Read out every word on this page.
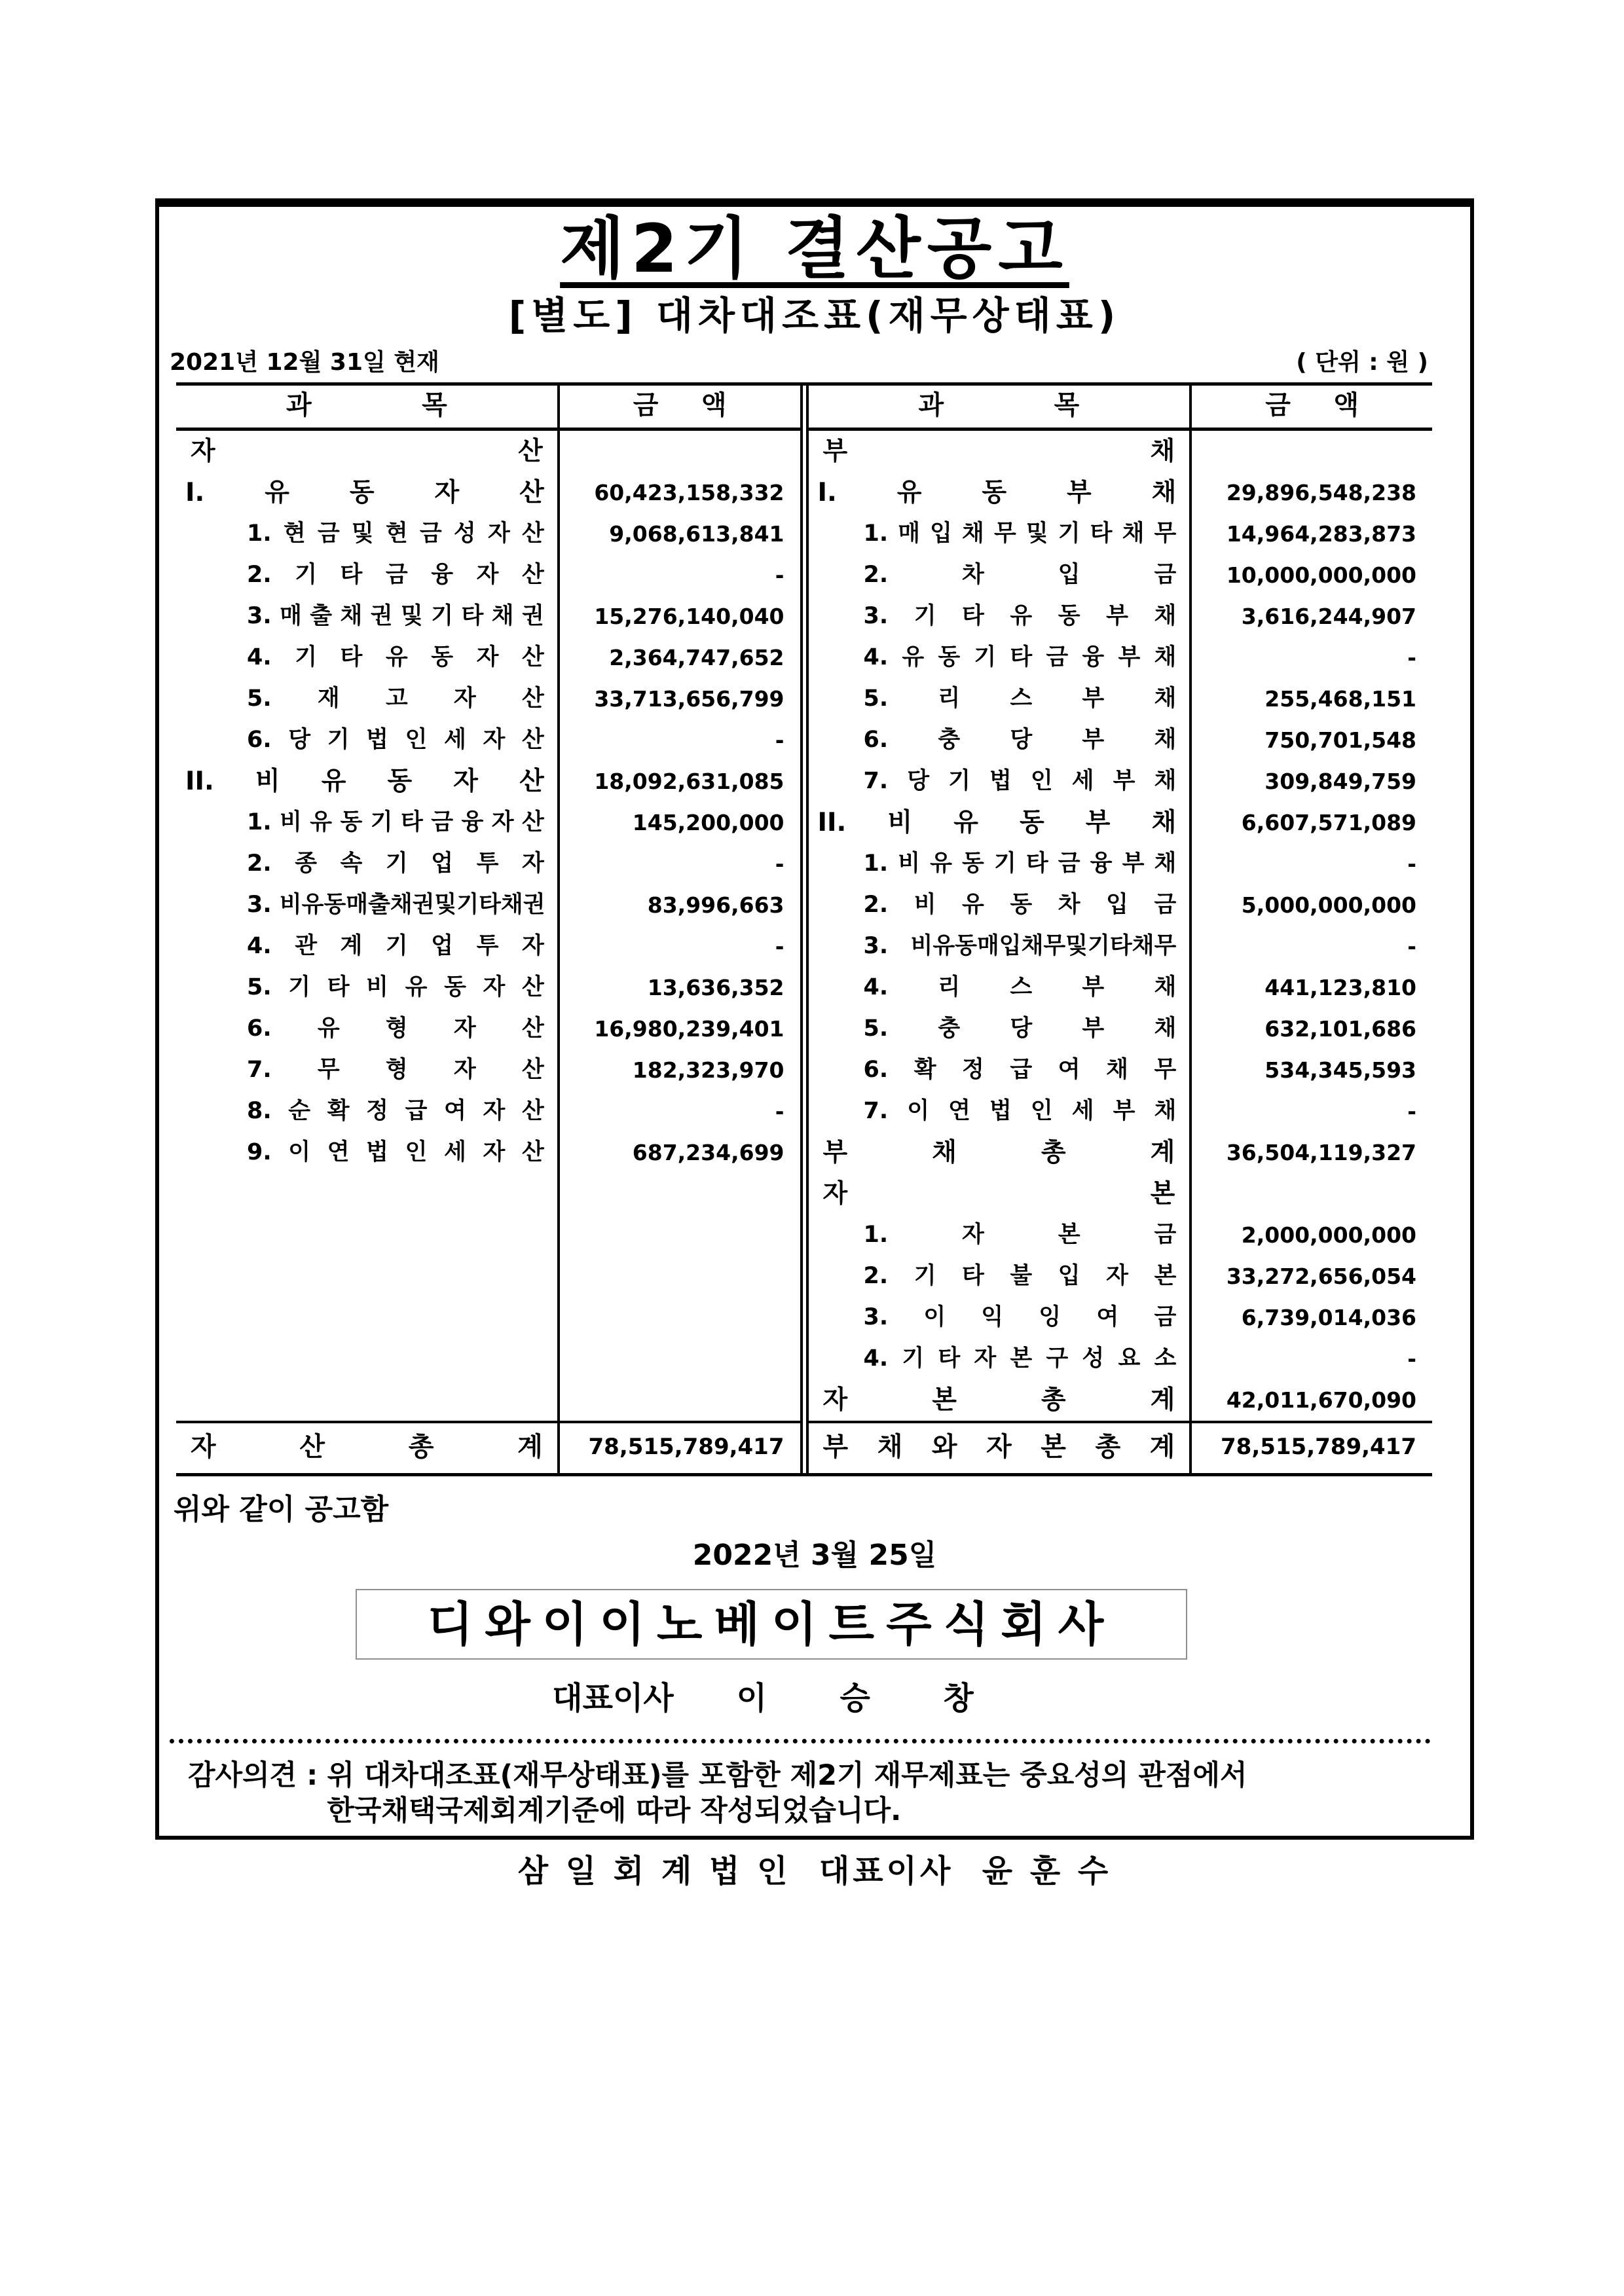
제2기 결산공고
[별도] 대차대조표(재무상태표)
2021년 12월 31일 현재	( 단위 : 원 )
과 목	금 액
자 산
I. 유 동 자 산	60,423,158,332
1. 현 금 및 현 금 성 자 산	9,068,613,841
2. 기 타 금 융 자 산	-
3. 매 출 채 권 및 기 타 채 권	15,276,140,040
4. 기 타 유 동 자 산	2,364,747,652
5. 재 고 자 산	33,713,656,799
6. 당 기 법 인 세 자 산	-
II. 비 유 동 자 산	18,092,631,085
1. 비 유 동 기 타 금 융 자 산	145,200,000
2. 종 속 기 업 투 자	-
3. 비유동매출채권및기타채권	83,996,663
4. 관 계 기 업 투 자	-
5. 기 타 비 유 동 자 산	13,636,352
6. 유 형 자 산	16,980,239,401
7. 무 형 자 산	182,323,970
8. 순 확 정 급 여 자 산	-
9. 이 연 법 인 세 자 산	687,234,699
자 산 총 계	78,515,789,417
과 목	금 액
부 채
I. 유 동 부 채	29,896,548,238
1. 매 입 채 무 및 기 타 채 무	14,964,283,873
2. 차 입 금	10,000,000,000
3. 기 타 유 동 부 채	3,616,244,907
4. 유 동 기 타 금 융 부 채	-
5. 리 스 부 채	255,468,151
6. 충 당 부 채	750,701,548
7. 당 기 법 인 세 부 채	309,849,759
II. 비 유 동 부 채	6,607,571,089
1. 비 유 동 기 타 금 융 부 채	-
2. 비 유 동 차 입 금	5,000,000,000
3. 비유동매입채무및기타채무	-
4. 리 스 부 채	441,123,810
5. 충 당 부 채	632,101,686
6. 확 정 급 여 채 무	534,345,593
7. 이 연 법 인 세 부 채	-
부 채 총 계	36,504,119,327
자 본
1. 자 본 금	2,000,000,000
2. 기 타 불 입 자 본	33,272,656,054
3. 이 익 잉 여 금	6,739,014,036
4. 기 타 자 본 구 성 요 소	-
자 본 총 계	42,011,670,090
부 채 와 자 본 총 계	78,515,789,417
위와 같이 공고함
2022년 3월 25일
디와이이노베이트주식회사
대표이사 이  승  창
감사의견 : 위 대차대조표(재무상태표)를 포함한 제2기 재무제표는 중요성의 관점에서
한국채택국제회계기준에 따라 작성되었습니다.
삼 일 회 계 법 인  대표이사  윤 훈 수
